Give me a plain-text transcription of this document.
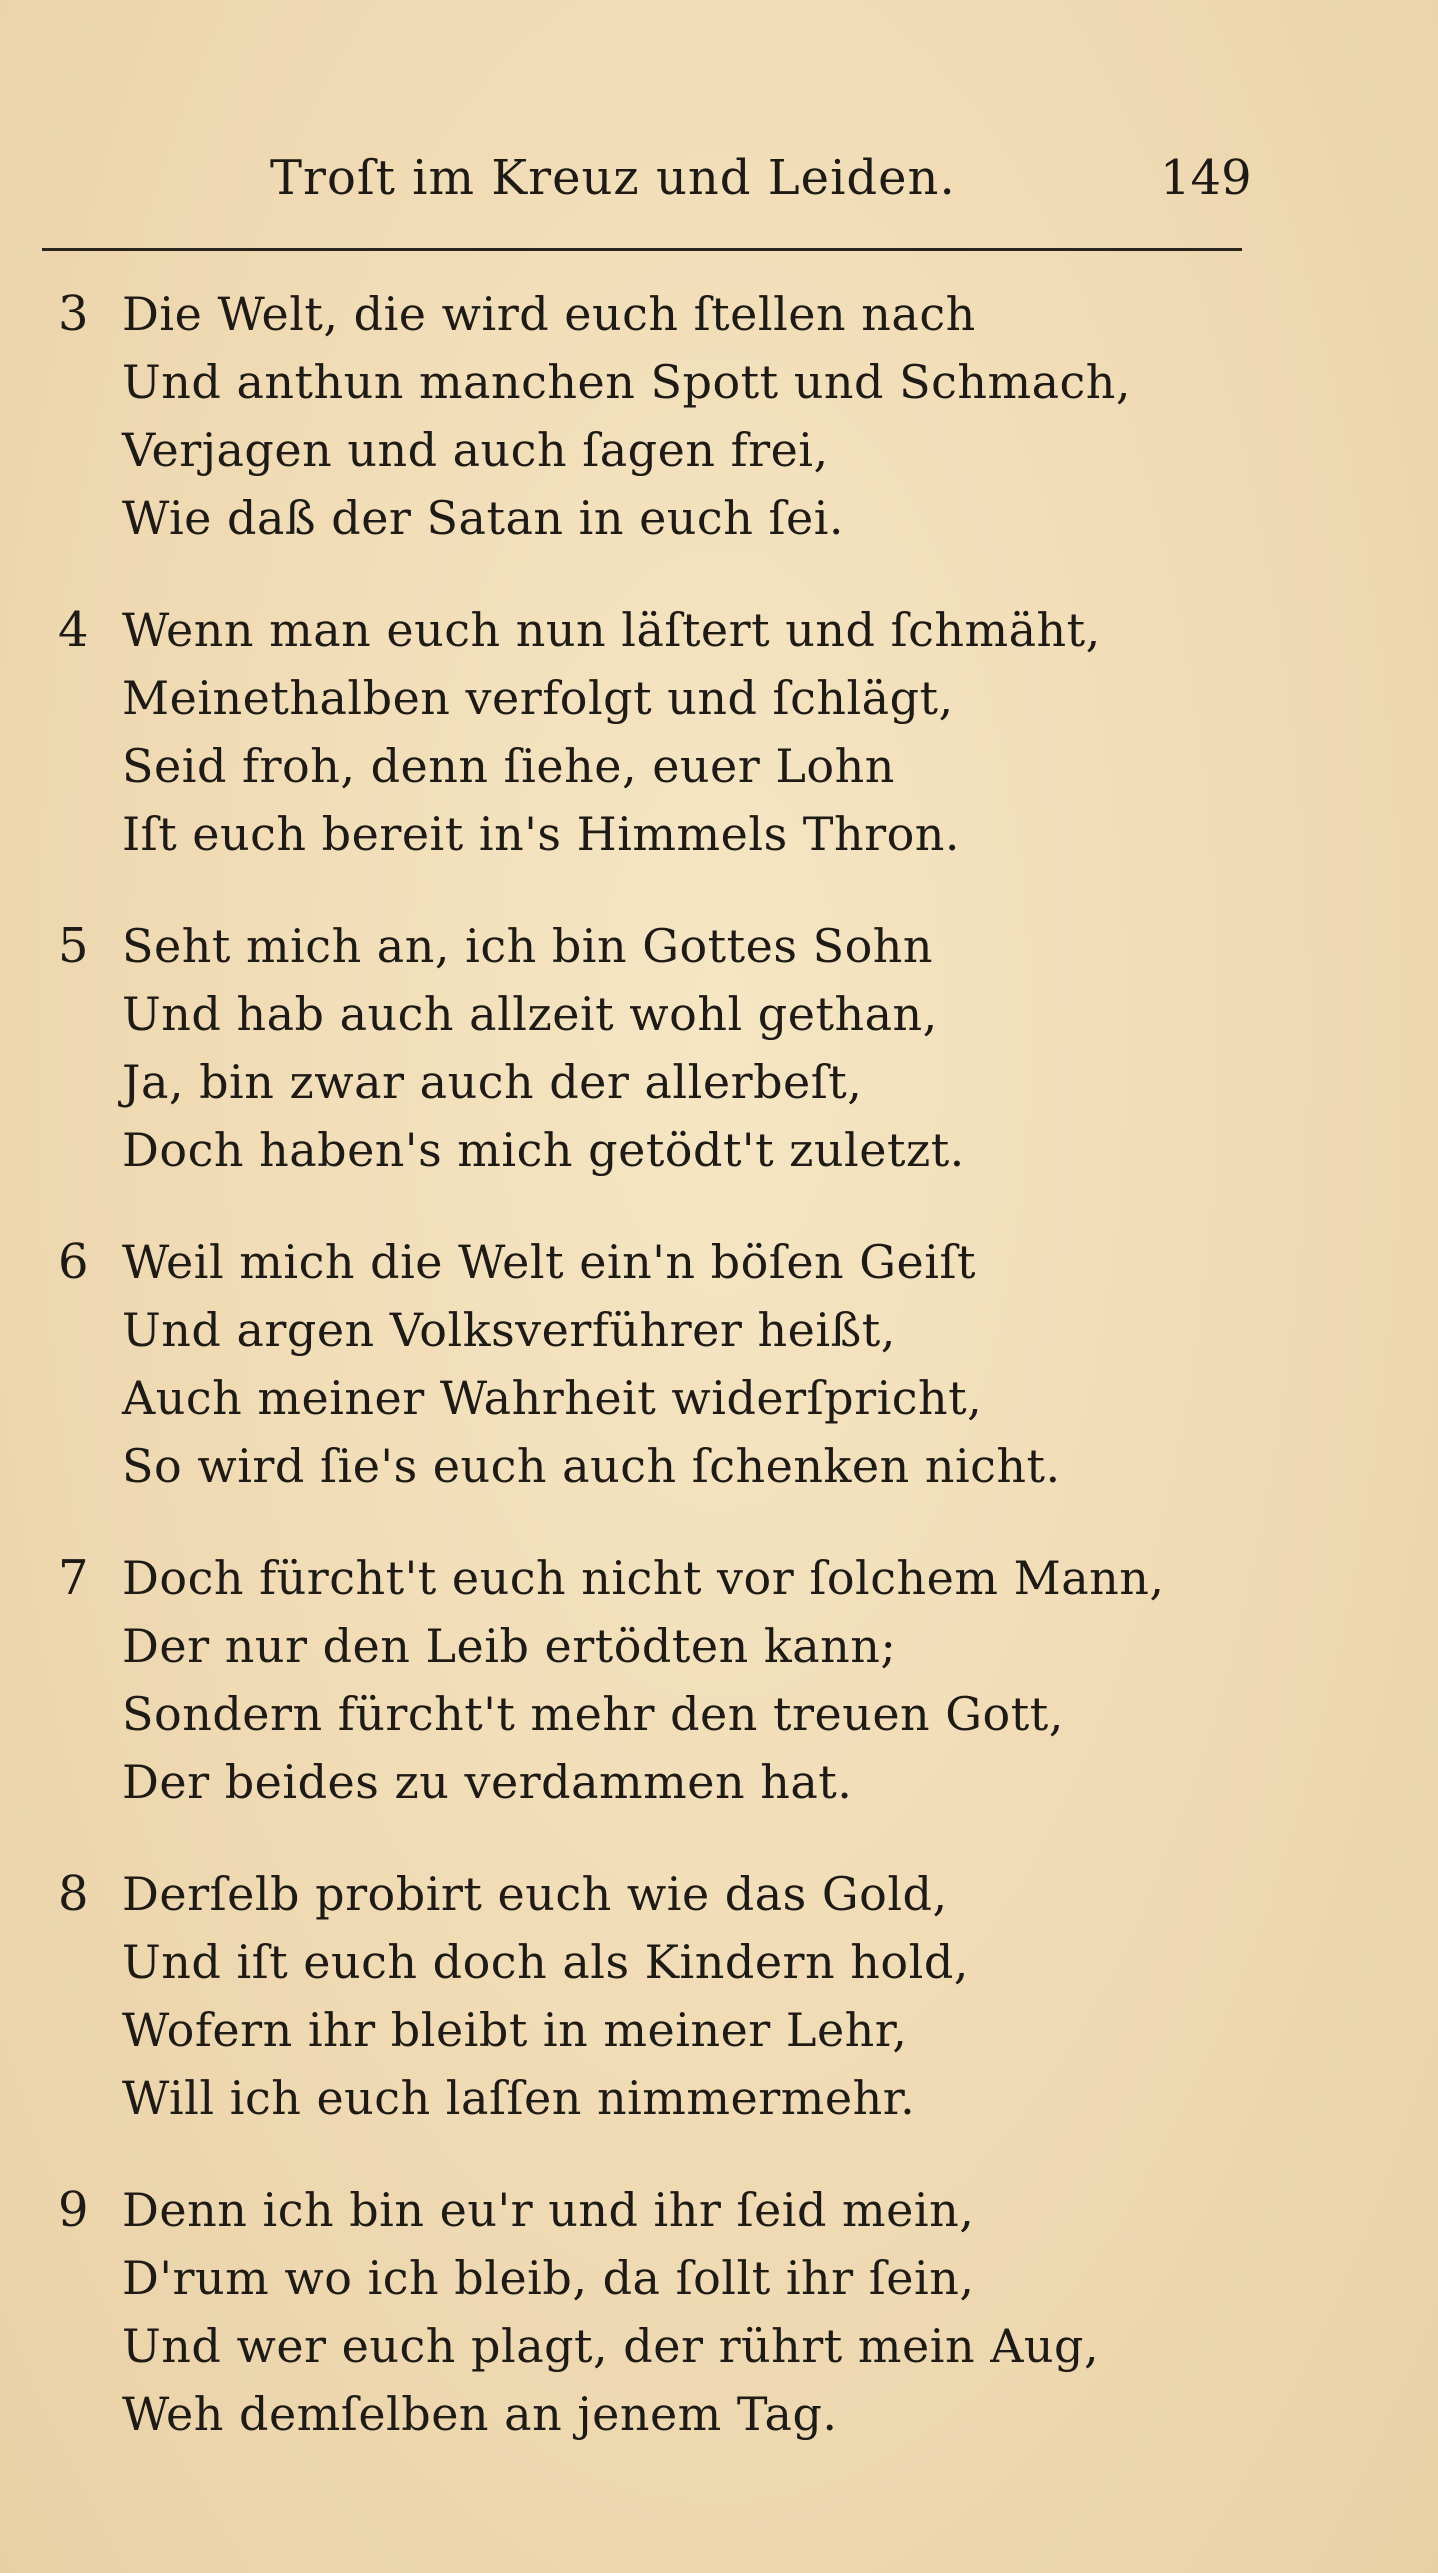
Troſt im Kreuz und Leiden.	149
3 Die Welt, die wird euch ſtellen nach
Und anthun manchen Spott und Schmach,
Verjagen und auch ſagen frei,
Wie daß der Satan in euch ſei.
4 Wenn man euch nun läſtert und ſchmäht,
Meinethalben verfolgt und ſchlägt,
Seid froh, denn ſiehe, euer Lohn
Iſt euch bereit in's Himmels Thron.
5 Seht mich an, ich bin Gottes Sohn
Und hab auch allzeit wohl gethan,
Ja, bin zwar auch der allerbeſt,
Doch haben's mich getödt't zuletzt.
6 Weil mich die Welt ein'n böſen Geiſt
Und argen Volksverführer heißt,
Auch meiner Wahrheit widerſpricht,
So wird ſie's euch auch ſchenken nicht.
7 Doch fürcht't euch nicht vor ſolchem Mann,
Der nur den Leib ertödten kann;
Sondern fürcht't mehr den treuen Gott,
Der beides zu verdammen hat.
8 Derſelb probirt euch wie das Gold,
Und iſt euch doch als Kindern hold,
Wofern ihr bleibt in meiner Lehr,
Will ich euch laſſen nimmermehr.
9 Denn ich bin eu'r und ihr ſeid mein,
D'rum wo ich bleib, da ſollt ihr ſein,
Und wer euch plagt, der rührt mein Aug,
Weh demſelben an jenem Tag.
